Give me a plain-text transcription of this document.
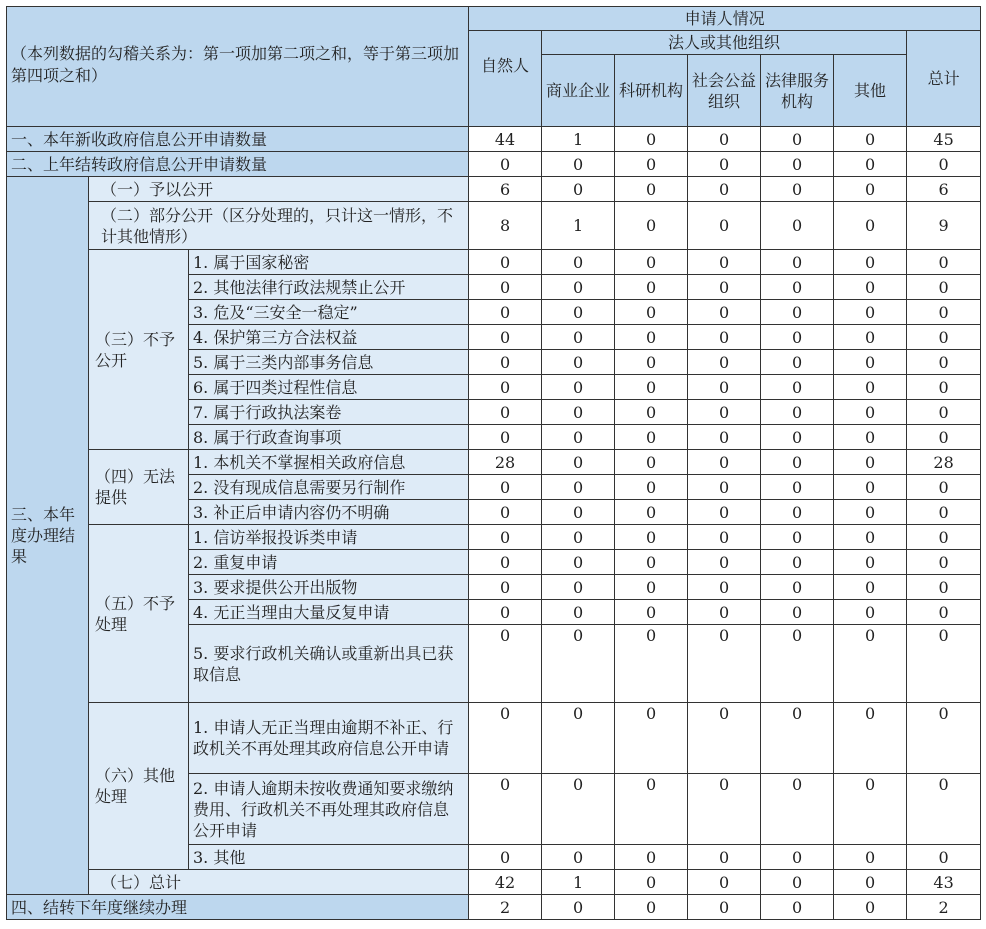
（本列数据的勾稽关系为：第一项加第二项之和，等于第三项加第四项之和）			申请人情况						
			自然人	法人或其他组织					总计
				商业企业	科研机构	社会公益组织	法律服务机构	其他	
一、本年新收政府信息公开申请数量			44	1	0	0	0	0	45
二、上年结转政府信息公开申请数量			0	0	0	0	0	0	0
三、本年度办理结果	（一）予以公开		6	0	0	0	0	0	6
	（二）部分公开（区分处理的，只计这一情形，不计其他情形）		8	1	0	0	0	0	9
	（三）不予公开	1. 属于国家秘密	0	0	0	0	0	0	0
		2. 其他法律行政法规禁止公开	0	0	0	0	0	0	0
		3. 危及“三安全一稳定”	0	0	0	0	0	0	0
		4. 保护第三方合法权益	0	0	0	0	0	0	0
		5. 属于三类内部事务信息	0	0	0	0	0	0	0
		6. 属于四类过程性信息	0	0	0	0	0	0	0
		7. 属于行政执法案卷	0	0	0	0	0	0	0
		8. 属于行政查询事项	0	0	0	0	0	0	0
	（四）无法提供	1. 本机关不掌握相关政府信息	28	0	0	0	0	0	28
		2. 没有现成信息需要另行制作	0	0	0	0	0	0	0
		3. 补正后申请内容仍不明确	0	0	0	0	0	0	0
	（五）不予处理	1. 信访举报投诉类申请	0	0	0	0	0	0	0
		2. 重复申请	0	0	0	0	0	0	0
		3. 要求提供公开出版物	0	0	0	0	0	0	0
		4. 无正当理由大量反复申请	0	0	0	0	0	0	0
		5. 要求行政机关确认或重新出具已获取信息	0	0	0	0	0	0	0
	（六）其他处理	1. 申请人无正当理由逾期不补正、行政机关不再处理其政府信息公开申请	0	0	0	0	0	0	0
		2. 申请人逾期未按收费通知要求缴纳费用、行政机关不再处理其政府信息公开申请	0	0	0	0	0	0	0
		3. 其他	0	0	0	0	0	0	0
	（七）总计		42	1	0	0	0	0	43
四、结转下年度继续办理			2	0	0	0	0	0	2
